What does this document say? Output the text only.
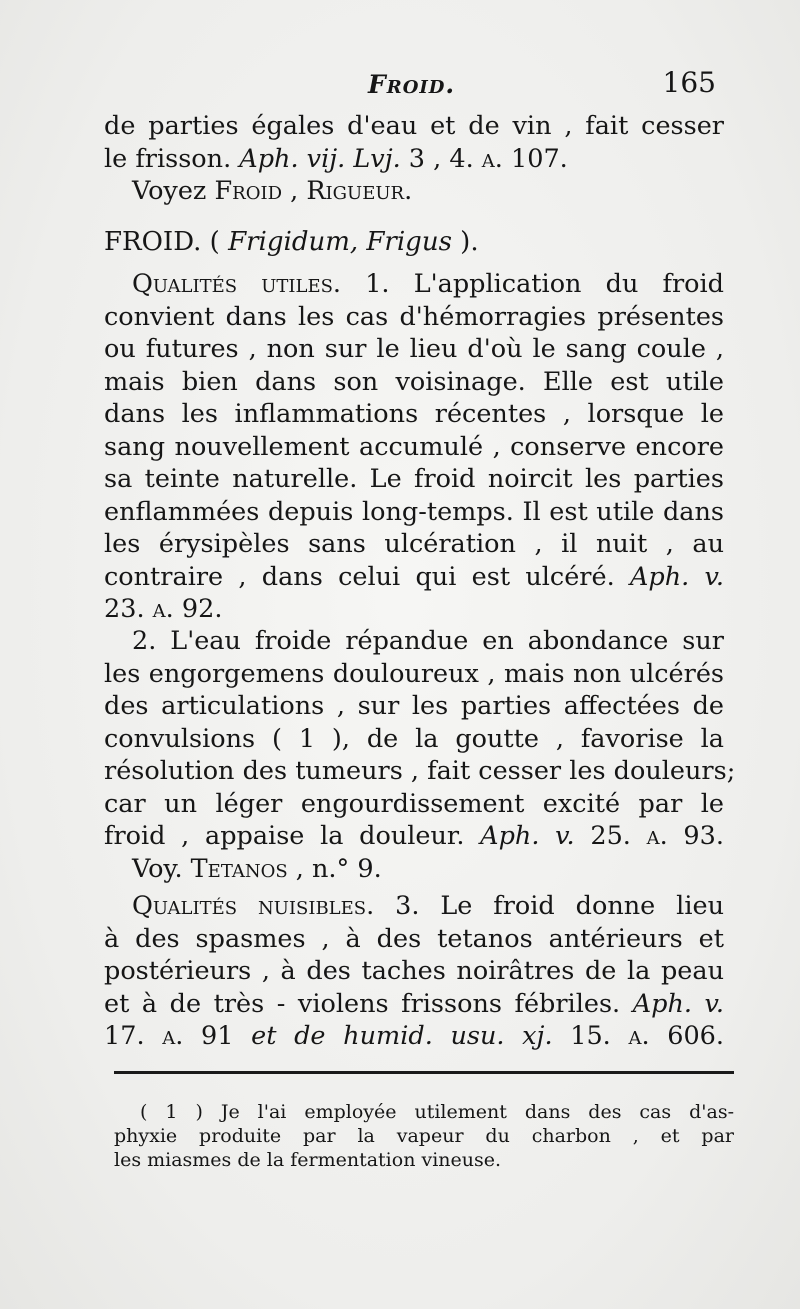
Froid.	165
de parties égales d'eau et de vin , fait cesser
le frisson. Aph. vij. Lvj. 3 , 4. a. 107.
Voyez Froid , Rigueur.
FROID. ( Frigidum, Frigus ).
Qualités utiles. 1. L'application du froid
convient dans les cas d'hémorragies présentes
ou futures , non sur le lieu d'où le sang coule ,
mais bien dans son voisinage. Elle est utile
dans les inflammations récentes , lorsque le
sang nouvellement accumulé , conserve encore
sa teinte naturelle. Le froid noircit les parties
enflammées depuis long-temps. Il est utile dans
les érysipèles sans ulcération , il nuit , au
contraire , dans celui qui est ulcéré. Aph. v.
23. a. 92.
2. L'eau froide répandue en abondance sur
les engorgemens douloureux , mais non ulcérés
des articulations , sur les parties affectées de
convulsions ( 1 ), de la goutte , favorise la
résolution des tumeurs , fait cesser les douleurs;
car un léger engourdissement excité par le
froid , appaise la douleur. Aph. v. 25. a. 93.
Voy. Tetanos , n.° 9.
Qualités nuisibles. 3. Le froid donne lieu
à des spasmes , à des tetanos antérieurs et
postérieurs , à des taches noirâtres de la peau
et à de très - violens frissons fébriles. Aph. v.
17. a. 91 et de humid. usu. xj. 15. a. 606.
( 1 ) Je l'ai employée utilement dans des cas d'as-
phyxie produite par la vapeur du charbon , et par
les miasmes de la fermentation vineuse.
